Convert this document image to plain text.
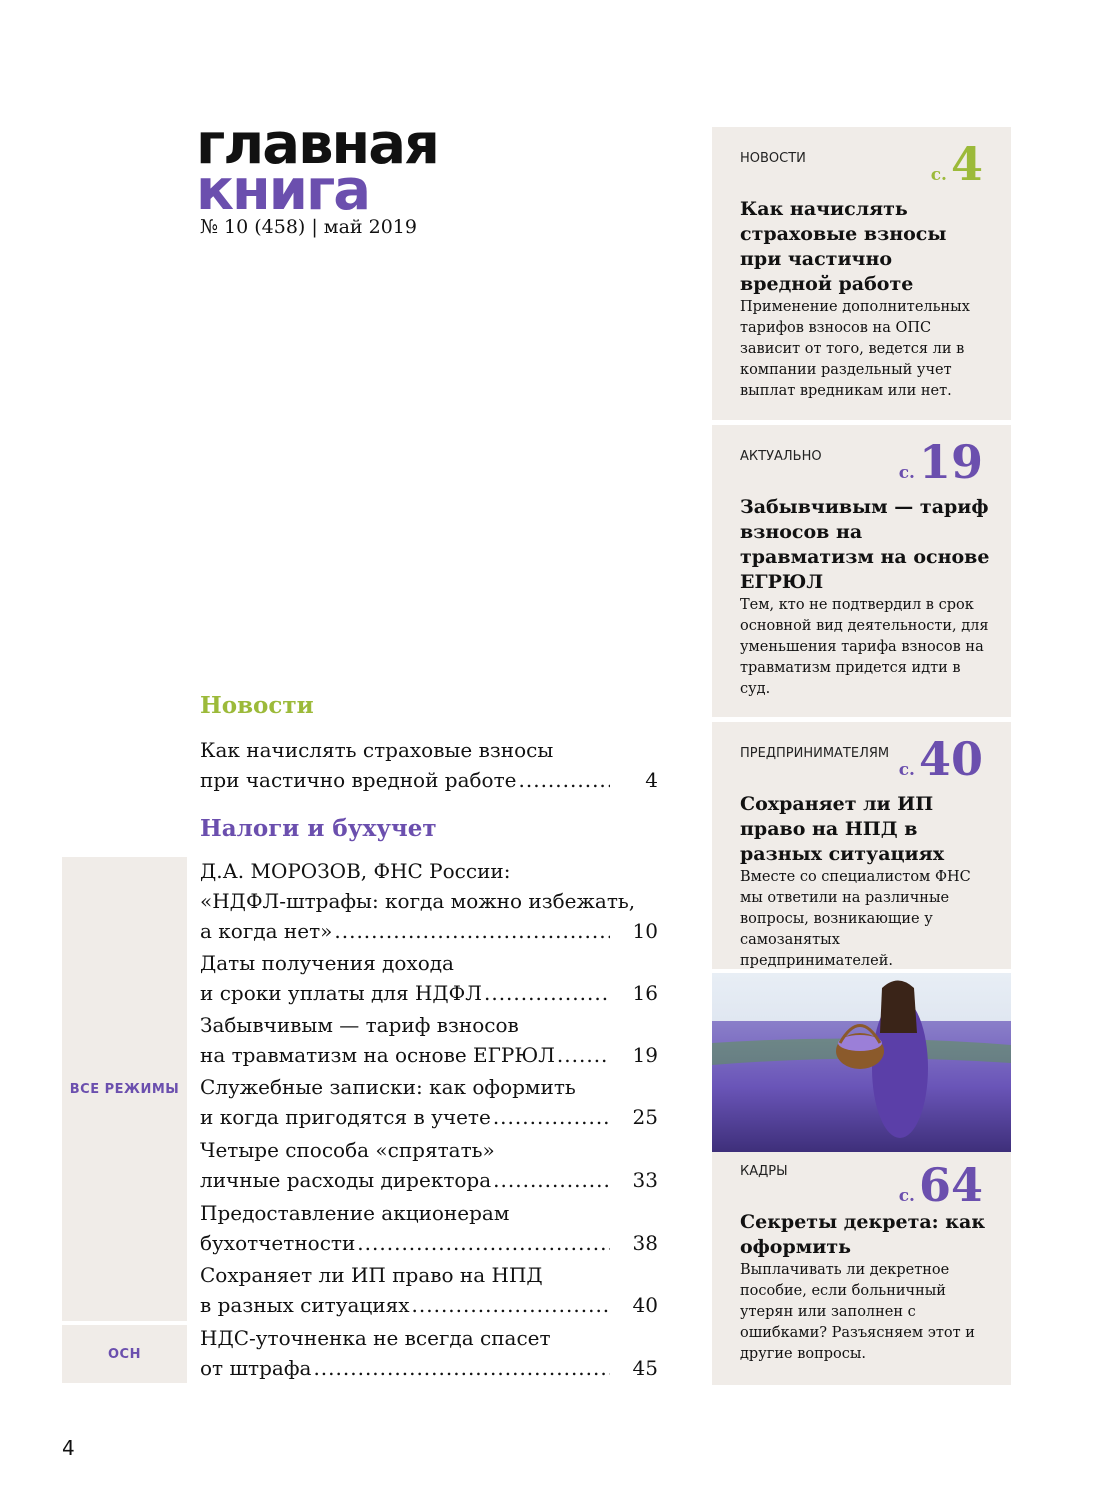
главная
книга
№ 10 (458) | май 2019
Новости
Как начислять страховые взносы
при частично вредной работе .....	4
Налоги и бухучет
ВСЕ РЕЖИМЫ
ОСН
Д.А. МОРОЗОВ, ФНС России:
«НДФЛ-штрафы: когда можно избежать,
а когда нет» .....	10
Даты получения дохода
и сроки уплаты для НДФЛ .....	16
Забывчивым — тариф взносов
на травматизм на основе ЕГРЮЛ .....	19
Служебные записки: как оформить
и когда пригодятся в учете .....	25
Четыре способа «спрятать»
личные расходы директора .....	33
Предоставление акционерам
бухотчетности .....	38
Сохраняет ли ИП право на НПД
в разных ситуациях .....	40
НДС-уточненка не всегда спасет
от штрафа .....	45
4
НОВОСТИ
с.4
Как начислять страховые взносы при частично вредной работе

Применение дополнительных тарифов взносов на ОПС зависит от того, ведется ли в компании раздельный учет выплат вредникам или нет.

АКТУАЛЬНО
с.19
Забывчивым — тариф взносов на травматизм на основе ЕГРЮЛ

Тем, кто не подтвердил в срок основной вид деятельности, для уменьшения тарифа взносов на травматизм придется идти в суд.

ПРЕДПРИНИМАТЕЛЯМ
с.40
Сохраняет ли ИП право на НПД в разных ситуациях

Вместе со специалистом ФНС мы ответили на различные вопросы, возникающие у самозанятых предпринимателей.

КАДРЫ
с.64
Секреты декрета: как оформить

Выплачивать ли декретное пособие, если больничный утерян или заполнен с ошибками? Разъясняем этот и другие вопросы.
